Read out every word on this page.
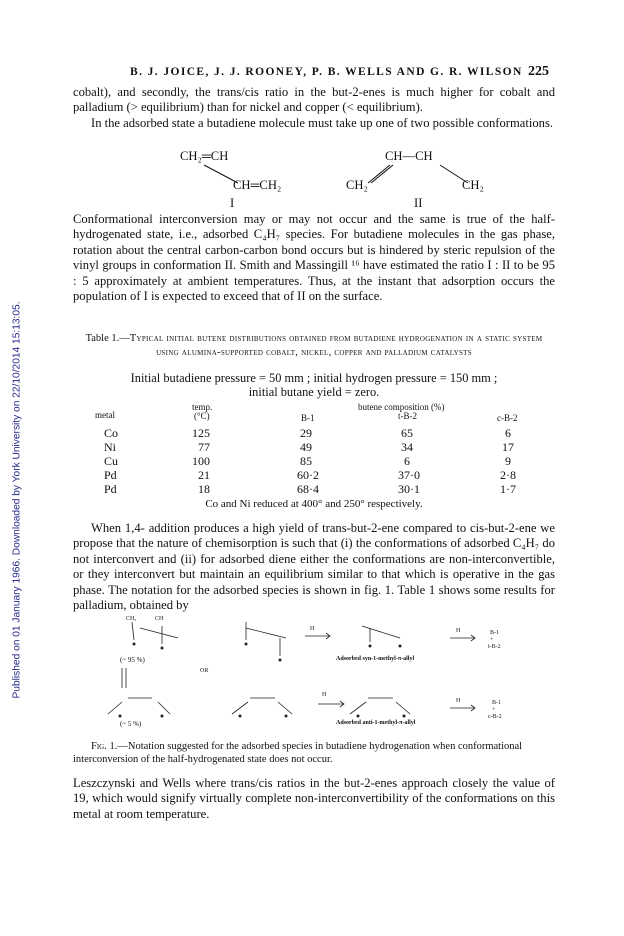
Published on 01 January 1966. Downloaded by York University on 22/10/2014 15:13:05.
B. J. JOICE, J. J. ROONEY, P. B. WELLS AND G. R. WILSON 225
cobalt), and secondly, the trans/cis ratio in the but-2-enes is much higher for cobalt and palladium (> equilibrium) than for nickel and copper (< equilibrium).
In the adsorbed state a butadiene molecule must take up one of two possible conformations.
CH₂═CH
CH═CH₂
I
CH—CH
CH₂	CH₂
II
Conformational interconversion may or may not occur and the same is true of the half-hydrogenated state, i.e., adsorbed C₄H₇ species. For butadiene molecules in the gas phase, rotation about the central carbon-carbon bond occurs but is hindered by steric repulsion of the vinyl groups in conformation II. Smith and Massingill ¹⁶ have estimated the ratio I : II to be 95 : 5 approximately at ambient temperatures. Thus, at the instant that adsorption occurs the population of I is expected to exceed that of II on the surface.
Table 1.—Typical initial butene distributions obtained from butadiene hydrogenation in a static system using alumina-supported cobalt, nickel, copper and palladium catalysts
Initial butadiene pressure = 50 mm ; initial hydrogen pressure = 150 mm ;
initial butane yield = zero.
metal
temp.
(°C)
butene composition (%)
B-1	t-B-2	c-B-2
Co	125	29	65	6
Ni	77	49	34	17
Cu	100	85	6	9
Pd	21	60·2	37·0	2·8
Pd	18	68·4	30·1	1·7
Co and Ni reduced at 400° and 250° respectively.
When 1,4- addition produces a high yield of trans-but-2-ene compared to cis-but-2-ene we propose that the nature of chemisorption is such that (i) the conformations of adsorbed C₄H₇ do not interconvert and (ii) for adsorbed diene either the conformations are non-interconvertible, or they interconvert but maintain an equilibrium similar to that which is operative in the gas phase. The notation for the adsorbed species is shown in fig. 1. Table 1 shows some results for palladium, obtained by
CH₂	CH
(~ 95 %)
OR
H	H	B-1
+
t-B-2
Adsorbed syn-1-methyl-π-allyl
(~ 5 %)
H
H	B-1
+
c-B-2
Adsorbed anti-1-methyl-π-allyl
Fig. 1.—Notation suggested for the adsorbed species in butadiene hydrogenation when conformational interconversion of the half-hydrogenated state does not occur.
Leszczynski and Wells where trans/cis ratios in the but-2-enes approach closely the value of 19, which would signify virtually complete non-interconvertibility of the conformations on this metal at room temperature.
